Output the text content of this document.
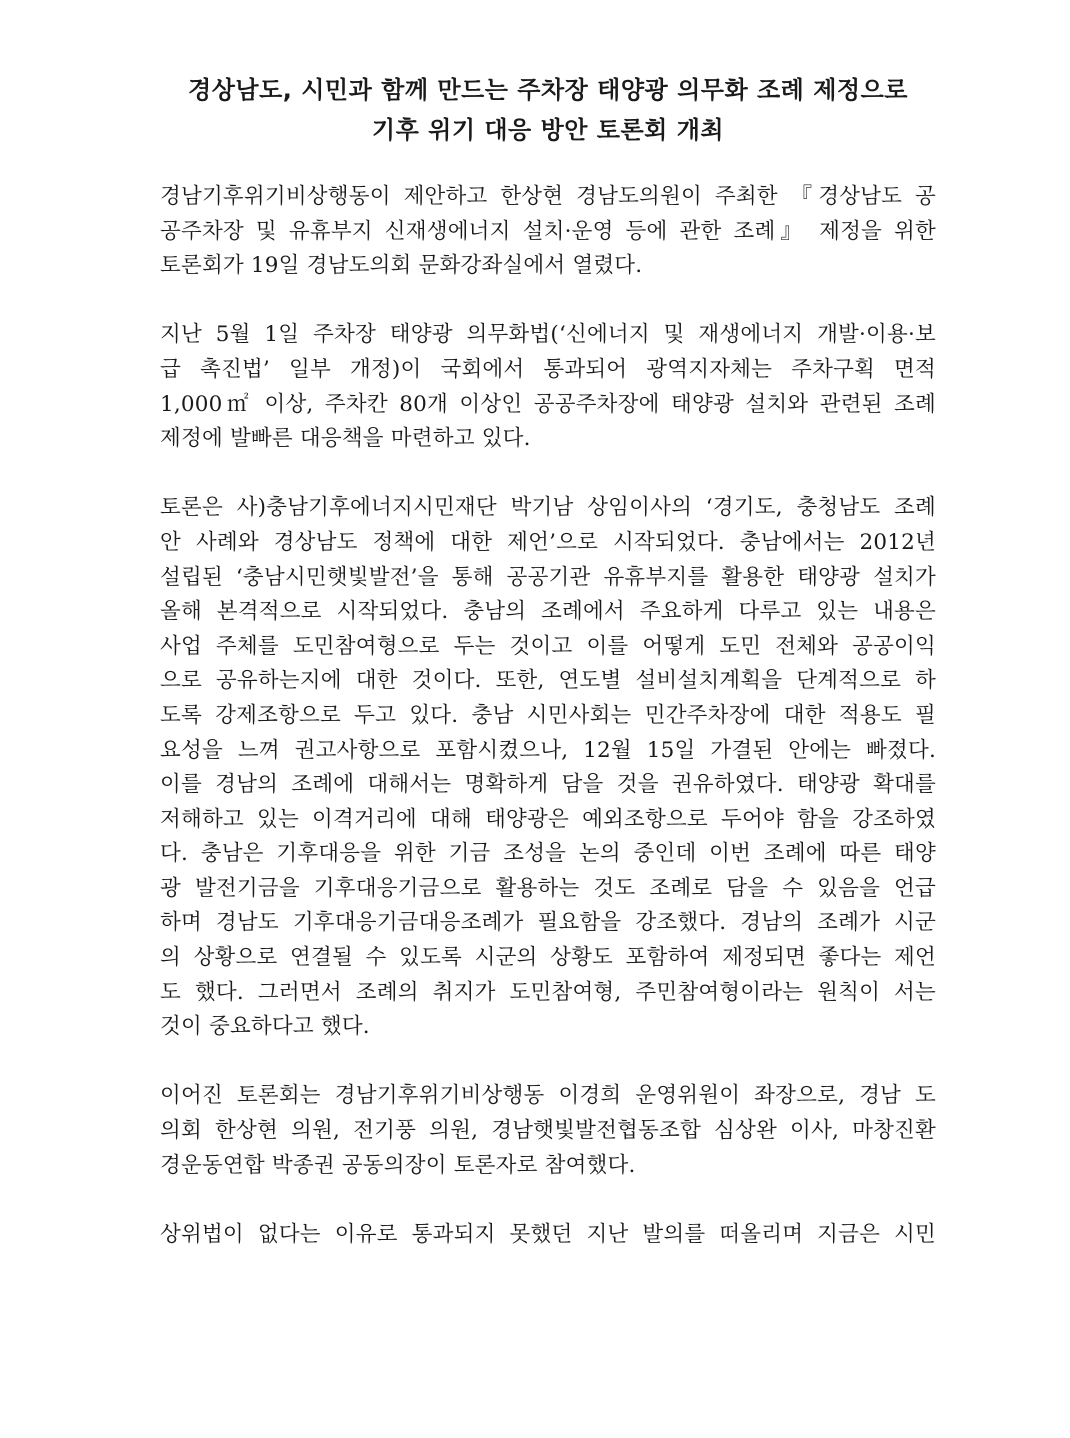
경상남도, 시민과 함께 만드는 주차장 태양광 의무화 조례 제정으로
기후 위기 대응 방안 토론회 개최

경남기후위기비상행동이 제안하고 한상현 경남도의원이 주최한 『경상남도 공
공주차장 및 유휴부지 신재생에너지 설치·운영 등에 관한 조례』 제정을 위한
토론회가 19일 경남도의회 문화강좌실에서 열렸다.

지난 5월 1일 주차장 태양광 의무화법(‘신에너지 및 재생에너지 개발·이용·보
급 촉진법’ 일부 개정)이 국회에서 통과되어 광역지자체는 주차구획 면적
1,000㎡ 이상, 주차칸 80개 이상인 공공주차장에 태양광 설치와 관련된 조례
제정에 발빠른 대응책을 마련하고 있다.

토론은 사)충남기후에너지시민재단 박기남 상임이사의 ‘경기도, 충청남도 조례
안 사례와 경상남도 정책에 대한 제언’으로 시작되었다. 충남에서는 2012년
설립된 ‘충남시민햇빛발전’을 통해 공공기관 유휴부지를 활용한 태양광 설치가
올해 본격적으로 시작되었다. 충남의 조례에서 주요하게 다루고 있는 내용은
사업 주체를 도민참여형으로 두는 것이고 이를 어떻게 도민 전체와 공공이익
으로 공유하는지에 대한 것이다. 또한, 연도별 설비설치계획을 단계적으로 하
도록 강제조항으로 두고 있다. 충남 시민사회는 민간주차장에 대한 적용도 필
요성을 느껴 권고사항으로 포함시켰으나, 12월 15일 가결된 안에는 빠졌다.
이를 경남의 조례에 대해서는 명확하게 담을 것을 권유하였다. 태양광 확대를
저해하고 있는 이격거리에 대해 태양광은 예외조항으로 두어야 함을 강조하였
다. 충남은 기후대응을 위한 기금 조성을 논의 중인데 이번 조례에 따른 태양
광 발전기금을 기후대응기금으로 활용하는 것도 조례로 담을 수 있음을 언급
하며 경남도 기후대응기금대응조례가 필요함을 강조했다. 경남의 조례가 시군
의 상황으로 연결될 수 있도록 시군의 상황도 포함하여 제정되면 좋다는 제언
도 했다. 그러면서 조례의 취지가 도민참여형, 주민참여형이라는 원칙이 서는
것이 중요하다고 했다.

이어진 토론회는 경남기후위기비상행동 이경희 운영위원이 좌장으로, 경남 도
의회 한상현 의원, 전기풍 의원, 경남햇빛발전협동조합 심상완 이사, 마창진환
경운동연합 박종권 공동의장이 토론자로 참여했다.

상위법이 없다는 이유로 통과되지 못했던 지난 발의를 떠올리며 지금은 시민
